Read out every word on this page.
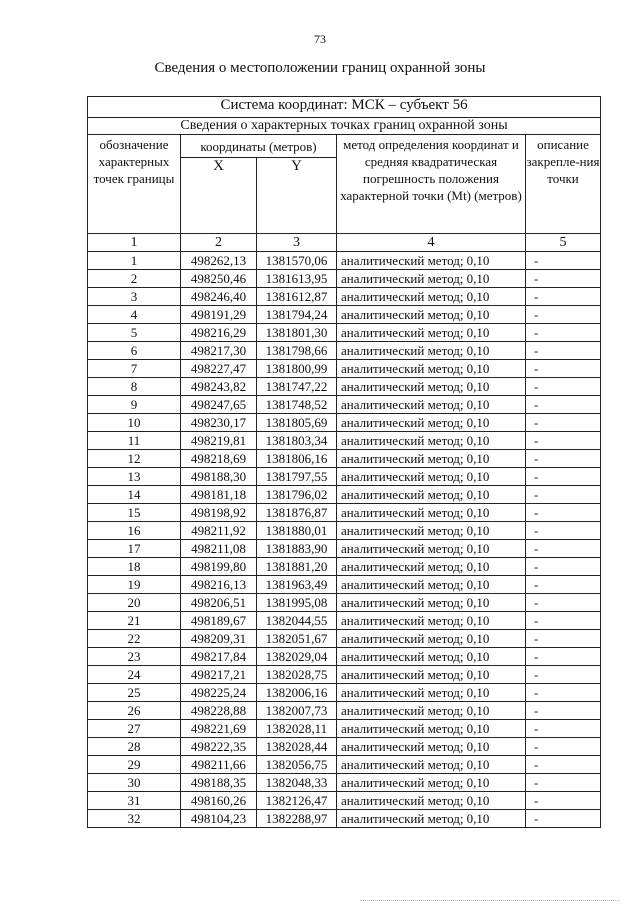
73
Сведения о местоположении границ охранной зоны
Система координат: МСК – субъект 56				
Сведения о характерных точках границ охранной зоны				
обозначение характерных точек границы	координаты (метров)		метод определения координат и средняя квадратическая погрешность положения характерной точки (Mt) (метров)	описание закрепле-ния точки
	X	Y		
1	2	3	4	5
1	498262,13	1381570,06	аналитический метод; 0,10	-
2	498250,46	1381613,95	аналитический метод; 0,10	-
3	498246,40	1381612,87	аналитический метод; 0,10	-
4	498191,29	1381794,24	аналитический метод; 0,10	-
5	498216,29	1381801,30	аналитический метод; 0,10	-
6	498217,30	1381798,66	аналитический метод; 0,10	-
7	498227,47	1381800,99	аналитический метод; 0,10	-
8	498243,82	1381747,22	аналитический метод; 0,10	-
9	498247,65	1381748,52	аналитический метод; 0,10	-
10	498230,17	1381805,69	аналитический метод; 0,10	-
11	498219,81	1381803,34	аналитический метод; 0,10	-
12	498218,69	1381806,16	аналитический метод; 0,10	-
13	498188,30	1381797,55	аналитический метод; 0,10	-
14	498181,18	1381796,02	аналитический метод; 0,10	-
15	498198,92	1381876,87	аналитический метод; 0,10	-
16	498211,92	1381880,01	аналитический метод; 0,10	-
17	498211,08	1381883,90	аналитический метод; 0,10	-
18	498199,80	1381881,20	аналитический метод; 0,10	-
19	498216,13	1381963,49	аналитический метод; 0,10	-
20	498206,51	1381995,08	аналитический метод; 0,10	-
21	498189,67	1382044,55	аналитический метод; 0,10	-
22	498209,31	1382051,67	аналитический метод; 0,10	-
23	498217,84	1382029,04	аналитический метод; 0,10	-
24	498217,21	1382028,75	аналитический метод; 0,10	-
25	498225,24	1382006,16	аналитический метод; 0,10	-
26	498228,88	1382007,73	аналитический метод; 0,10	-
27	498221,69	1382028,11	аналитический метод; 0,10	-
28	498222,35	1382028,44	аналитический метод; 0,10	-
29	498211,66	1382056,75	аналитический метод; 0,10	-
30	498188,35	1382048,33	аналитический метод; 0,10	-
31	498160,26	1382126,47	аналитический метод; 0,10	-
32	498104,23	1382288,97	аналитический метод; 0,10	-
